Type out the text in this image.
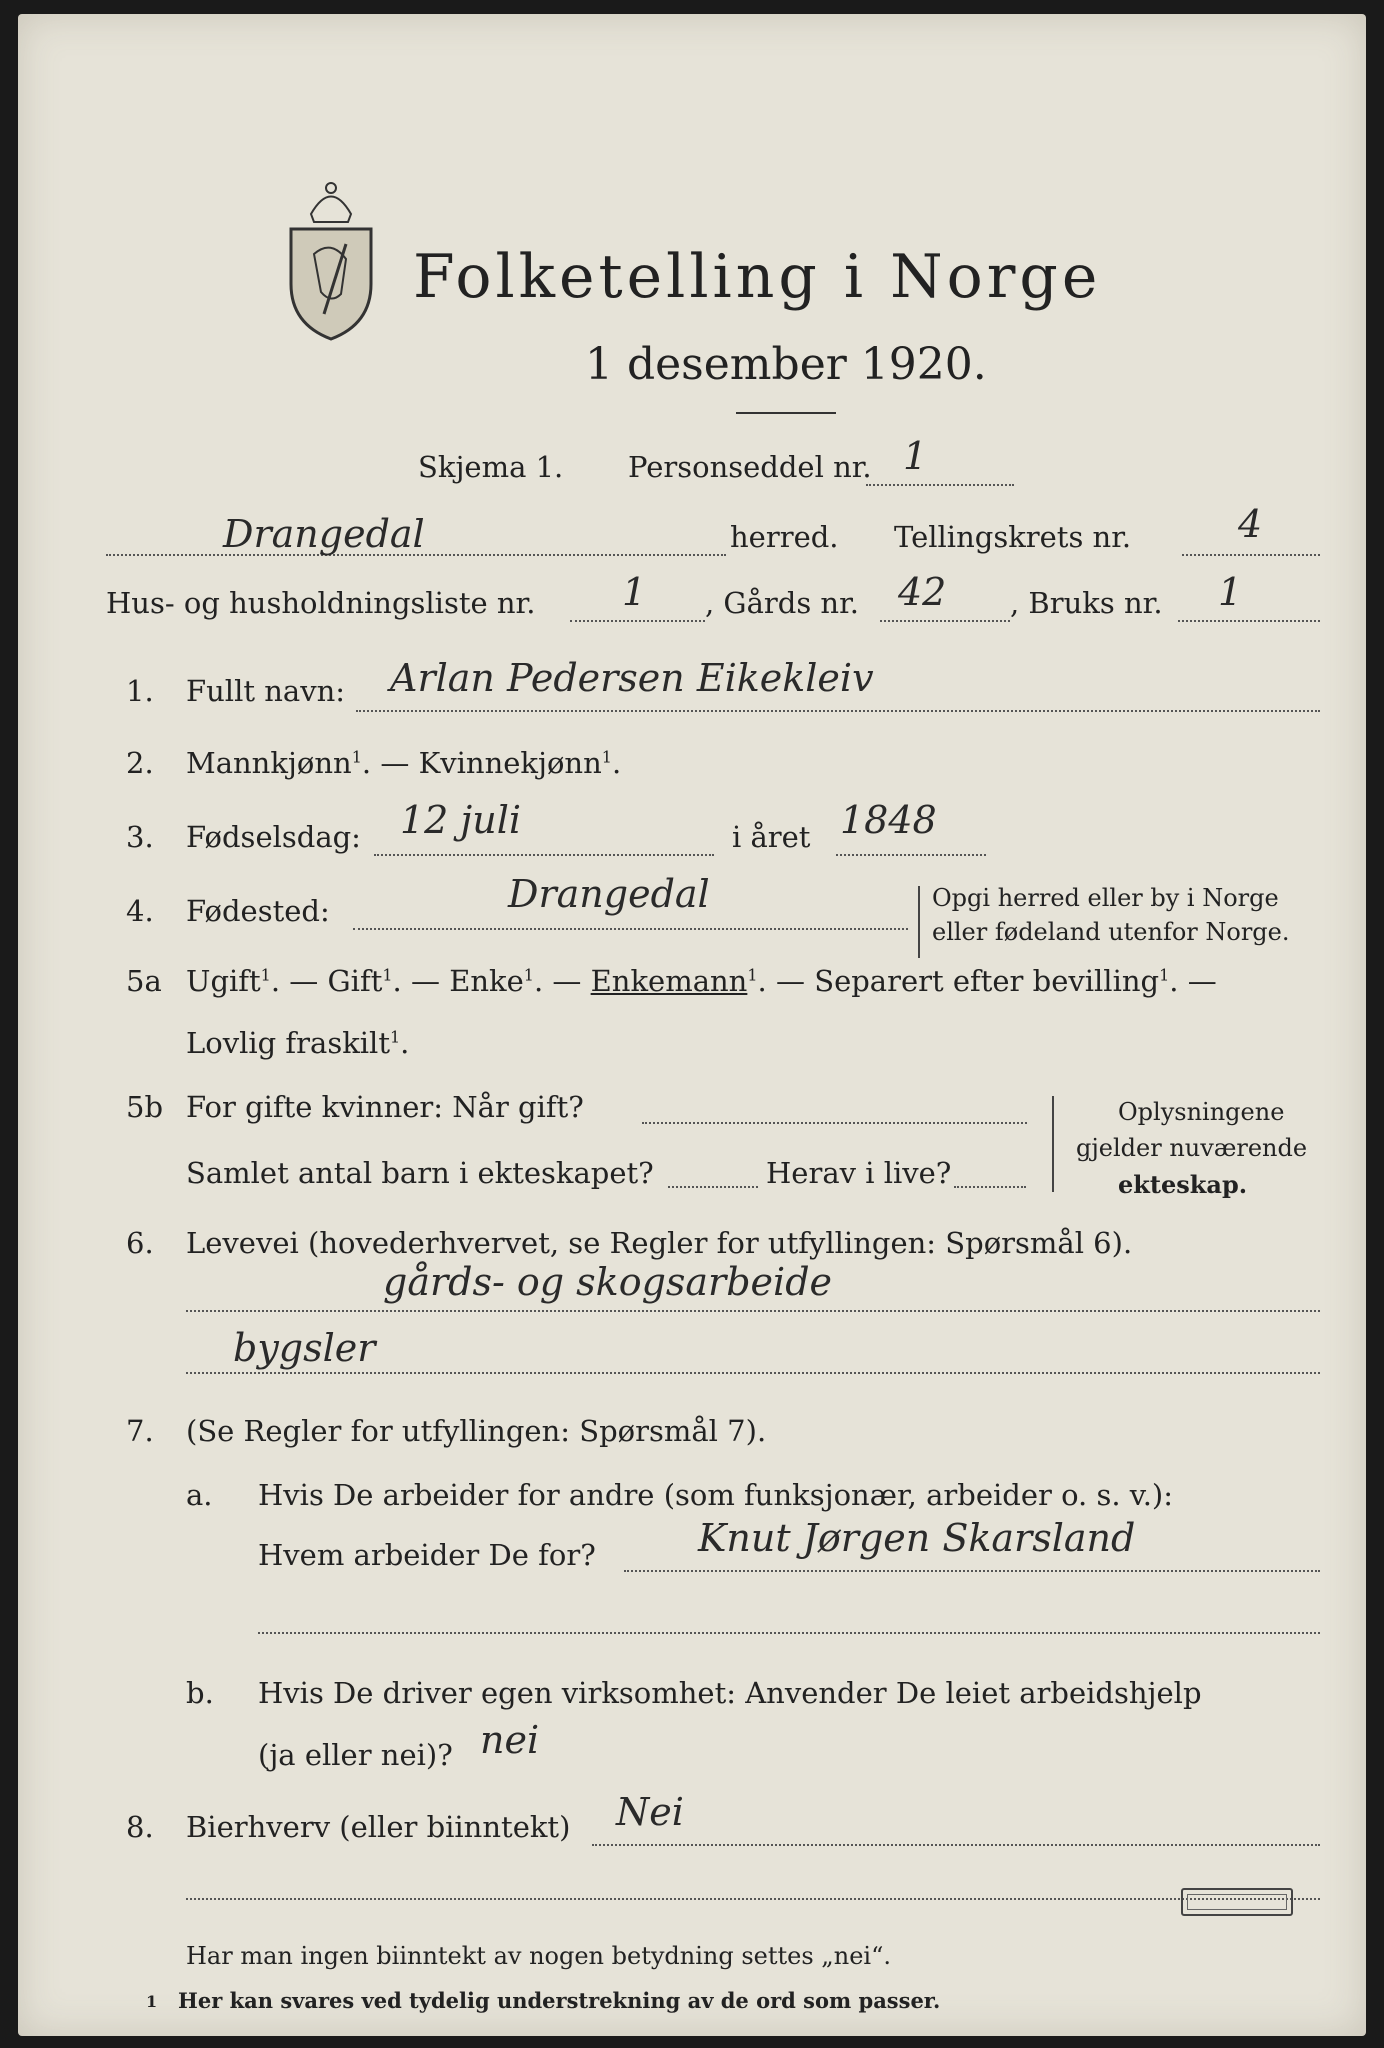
Folketelling i Norge
1 desember 1920.
Skjema 1. Personseddel nr. 1
Drangedal	herred. Tellingskrets nr.	4
Hus- og husholdningsliste nr. 1 , Gårds nr. 42 , Bruks nr. 1
1. Fullt navn: Arlan Pedersen Eikekleiv
2. Mannkjønn$^1$. — Kvinnekjønn$^1$.
3. Fødselsdag: 12 juli	i året 1848
4. Fødested:	Drangedal	Opgi herred eller by i Norge
eller fødeland utenfor Norge.
5a Ugift$^1$. — Gift$^1$. — Enke$^1$. — Enkemann$^1$. — Separert efter bevilling$^1$. —
Lovlig fraskilt$^1$.
5b For gifte kvinner: Når gift?
Samlet antal barn i ekteskapet?	Herav i live?
Oplysningene
gjelder nuværende
ekteskap.
6. Levevei (hovederhvervet, se Regler for utfyllingen: Spørsmål 6).
gårds- og skogsarbeide
bygsler
7. (Se Regler for utfyllingen: Spørsmål 7).
a. Hvis De arbeider for andre (som funksjonær, arbeider o. s. v.):
Hvem arbeider De for?	Knut Jørgen Skarsland
b. Hvis De driver egen virksomhet: Anvender De leiet arbeidshjelp
(ja eller nei)? nei
8. Bierhverv (eller biinntekt) Nei
Har man ingen biinntekt av nogen betydning settes „nei“.
1 Her kan svares ved tydelig understrekning av de ord som passer.
